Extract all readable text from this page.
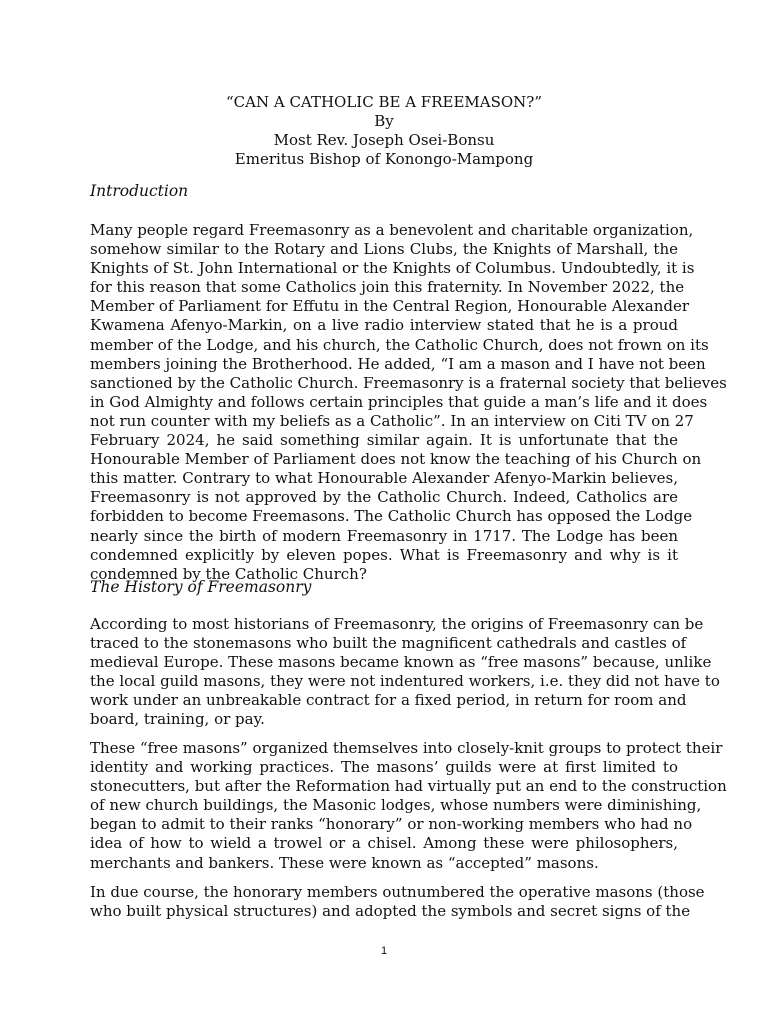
“CAN A CATHOLIC BE A FREEMASON?”
By
Most Rev. Joseph Osei-Bonsu
Emeritus Bishop of Konongo-Mampong
Introduction
Many people regard Freemasonry as a benevolent and charitable organization,
somehow similar to the Rotary and Lions Clubs, the Knights of Marshall, the
Knights of St. John International or the Knights of Columbus. Undoubtedly, it is
for this reason that some Catholics join this fraternity. In November 2022, the
Member of Parliament for Effutu in the Central Region, Honourable Alexander
Kwamena Afenyo-Markin, on a live radio interview stated that he is a proud
member of the Lodge, and his church, the Catholic Church, does not frown on its
members joining the Brotherhood. He added, “I am a mason and I have not been
sanctioned by the Catholic Church. Freemasonry is a fraternal society that believes
in God Almighty and follows certain principles that guide a man’s life and it does
not run counter with my beliefs as a Catholic”. In an interview on Citi TV on 27
February 2024, he said something similar again. It is unfortunate that the
Honourable Member of Parliament does not know the teaching of his Church on
this matter. Contrary to what Honourable Alexander Afenyo-Markin believes,
Freemasonry is not approved by the Catholic Church. Indeed, Catholics are
forbidden to become Freemasons. The Catholic Church has opposed the Lodge
nearly since the birth of modern Freemasonry in 1717. The Lodge has been
condemned explicitly by eleven popes. What is Freemasonry and why is it
condemned by the Catholic Church?
The History of Freemasonry
According to most historians of Freemasonry, the origins of Freemasonry can be
traced to the stonemasons who built the magnificent cathedrals and castles of
medieval Europe. These masons became known as “free masons” because, unlike
the local guild masons, they were not indentured workers, i.e. they did not have to
work under an unbreakable contract for a fixed period, in return for room and
board, training, or pay.
These “free masons” organized themselves into closely-knit groups to protect their
identity and working practices. The masons’ guilds were at first limited to
stonecutters, but after the Reformation had virtually put an end to the construction
of new church buildings, the Masonic lodges, whose numbers were diminishing,
began to admit to their ranks “honorary” or non-working members who had no
idea of how to wield a trowel or a chisel. Among these were philosophers,
merchants and bankers. These were known as “accepted” masons.
In due course, the honorary members outnumbered the operative masons (those
who built physical structures) and adopted the symbols and secret signs of the
1
